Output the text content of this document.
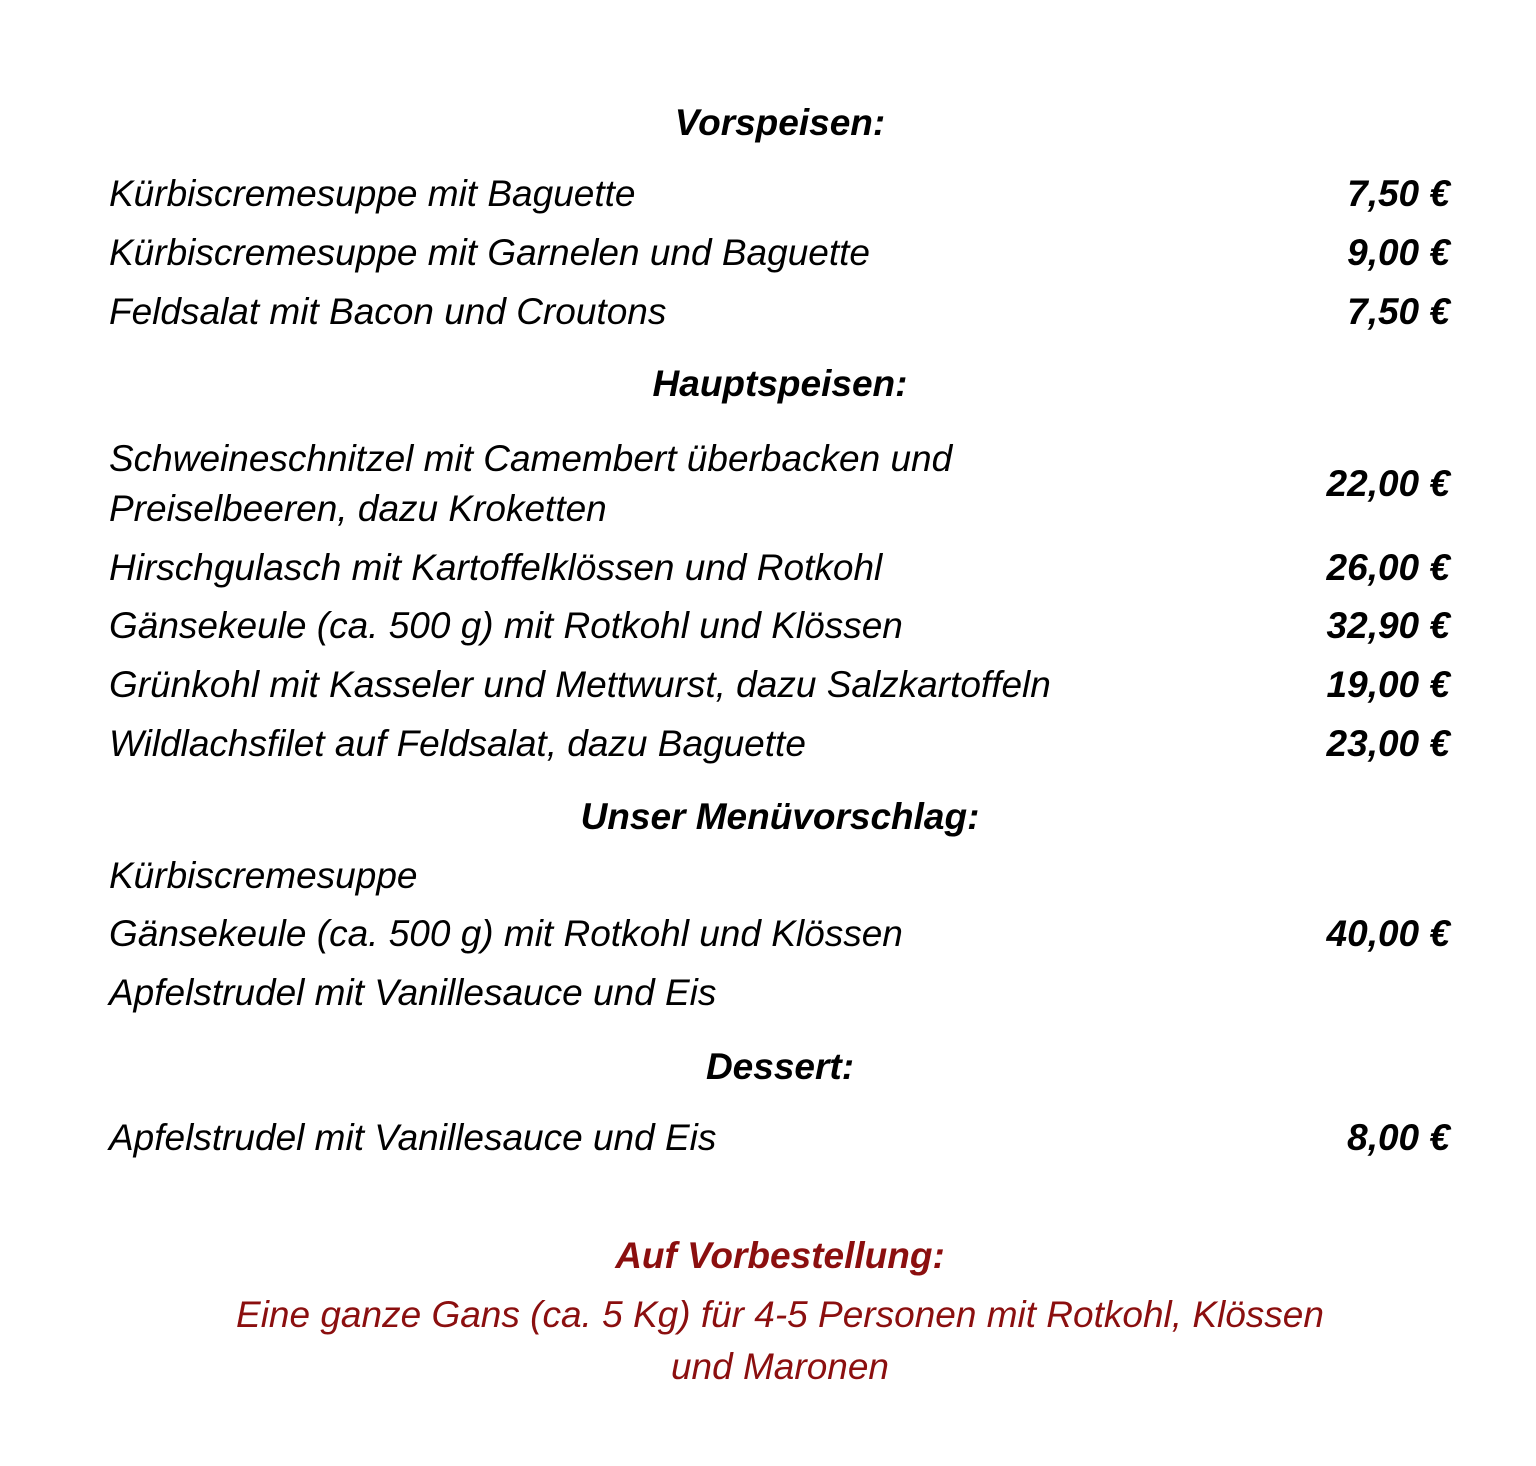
Vorspeisen:
Kürbiscremesuppe mit Baguette	7,50 €
Kürbiscremesuppe mit Garnelen und Baguette	9,00 €
Feldsalat mit Bacon und Croutons	7,50 €
Hauptspeisen:
Schweineschnitzel mit Camembert überbacken und
Preiselbeeren, dazu Kroketten
22,00 €
Hirschgulasch mit Kartoffelklössen und Rotkohl	26,00 €
Gänsekeule (ca. 500 g) mit Rotkohl und Klössen	32,90 €
Grünkohl mit Kasseler und Mettwurst, dazu Salzkartoffeln	19,00 €
Wildlachsfilet auf Feldsalat, dazu Baguette	23,00 €
Unser Menüvorschlag:
Kürbiscremesuppe
Gänsekeule (ca. 500 g) mit Rotkohl und Klössen	40,00 €
Apfelstrudel mit Vanillesauce und Eis
Dessert:
Apfelstrudel mit Vanillesauce und Eis	8,00 €
Auf Vorbestellung:
Eine ganze Gans (ca. 5 Kg) für 4-5 Personen mit Rotkohl, Klössen
und Maronen
